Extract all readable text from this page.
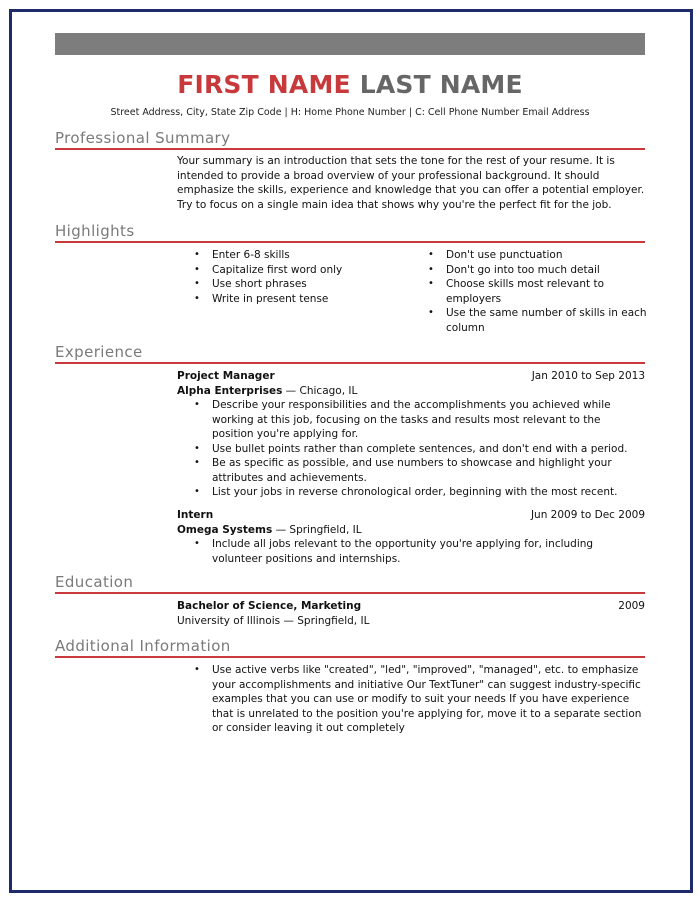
FIRST NAME LAST NAME
Street Address, City, State Zip Code | H: Home Phone Number | C: Cell Phone Number Email Address
Professional Summary
Your summary is an introduction that sets the tone for the rest of your resume. It is intended to provide a broad overview of your professional background. It should emphasize the skills, experience and knowledge that you can offer a potential employer. Try to focus on a single main idea that shows why you're the perfect fit for the job.
Highlights
• Enter 6-8 skills
• Capitalize first word only
• Use short phrases
• Write in present tense
• Don't use punctuation
• Don't go into too much detail
• Choose skills most relevant to employers
• Use the same number of skills in each column
Experience
Project Manager	Jan 2010 to Sep 2013
Alpha Enterprises — Chicago, IL
• Describe your responsibilities and the accomplishments you achieved while working at this job, focusing on the tasks and results most relevant to the position you're applying for.
• Use bullet points rather than complete sentences, and don't end with a period.
• Be as specific as possible, and use numbers to showcase and highlight your attributes and achievements.
• List your jobs in reverse chronological order, beginning with the most recent.
Intern	Jun 2009 to Dec 2009
Omega Systems — Springfield, IL
• Include all jobs relevant to the opportunity you're applying for, including volunteer positions and internships.
Education
Bachelor of Science, Marketing	2009
University of Illinois — Springfield, IL
Additional Information
• Use active verbs like "created", "led", "improved", "managed", etc. to emphasize your accomplishments and initiative Our TextTuner" can suggest industry-specific examples that you can use or modify to suit your needs If you have experience that is unrelated to the position you're applying for, move it to a separate section or consider leaving it out completely
